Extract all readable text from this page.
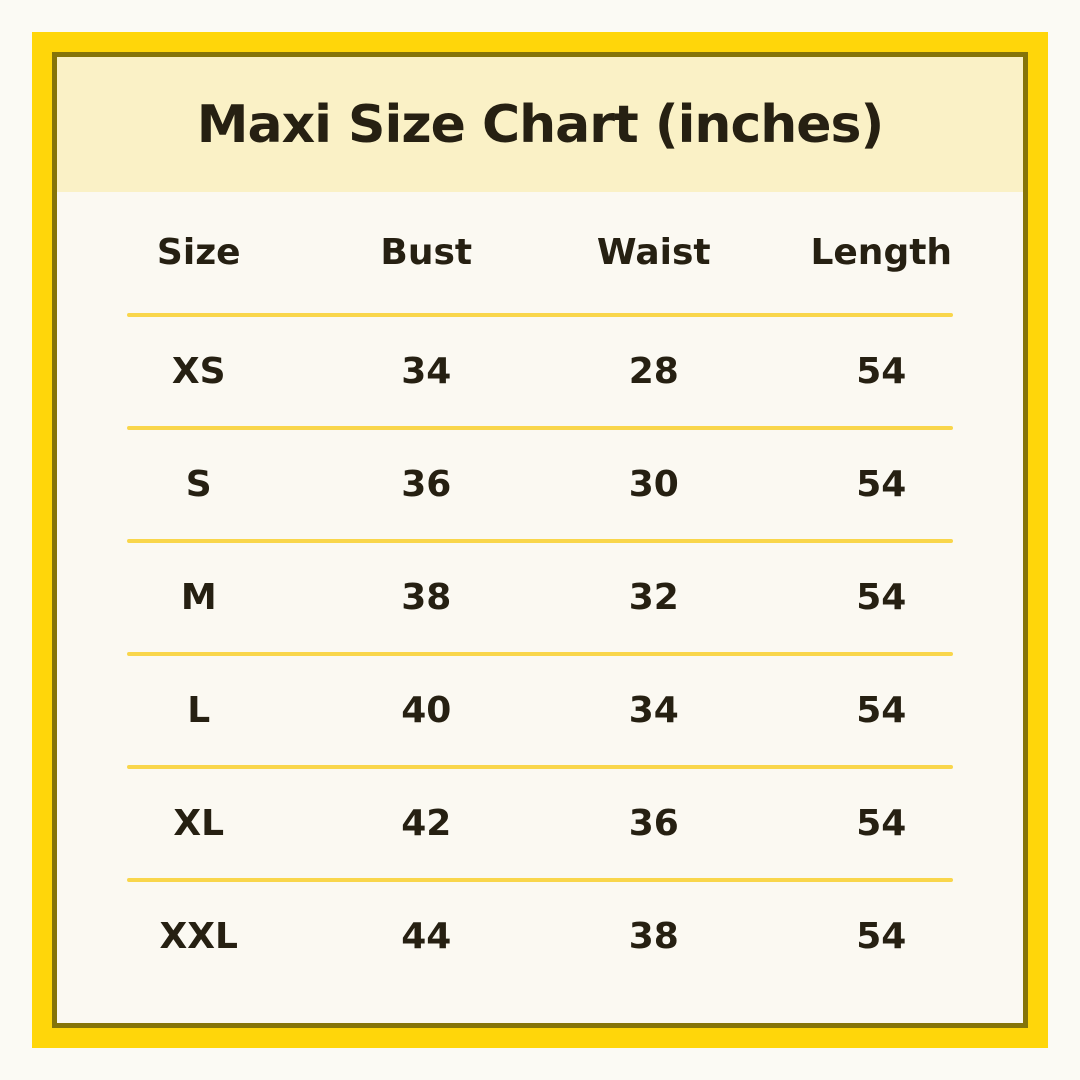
Maxi Size Chart (inches)
Size	Bust	Waist	Length
XS	34	28	54
S	36	30	54
M	38	32	54
L	40	34	54
XL	42	36	54
XXL	44	38	54
